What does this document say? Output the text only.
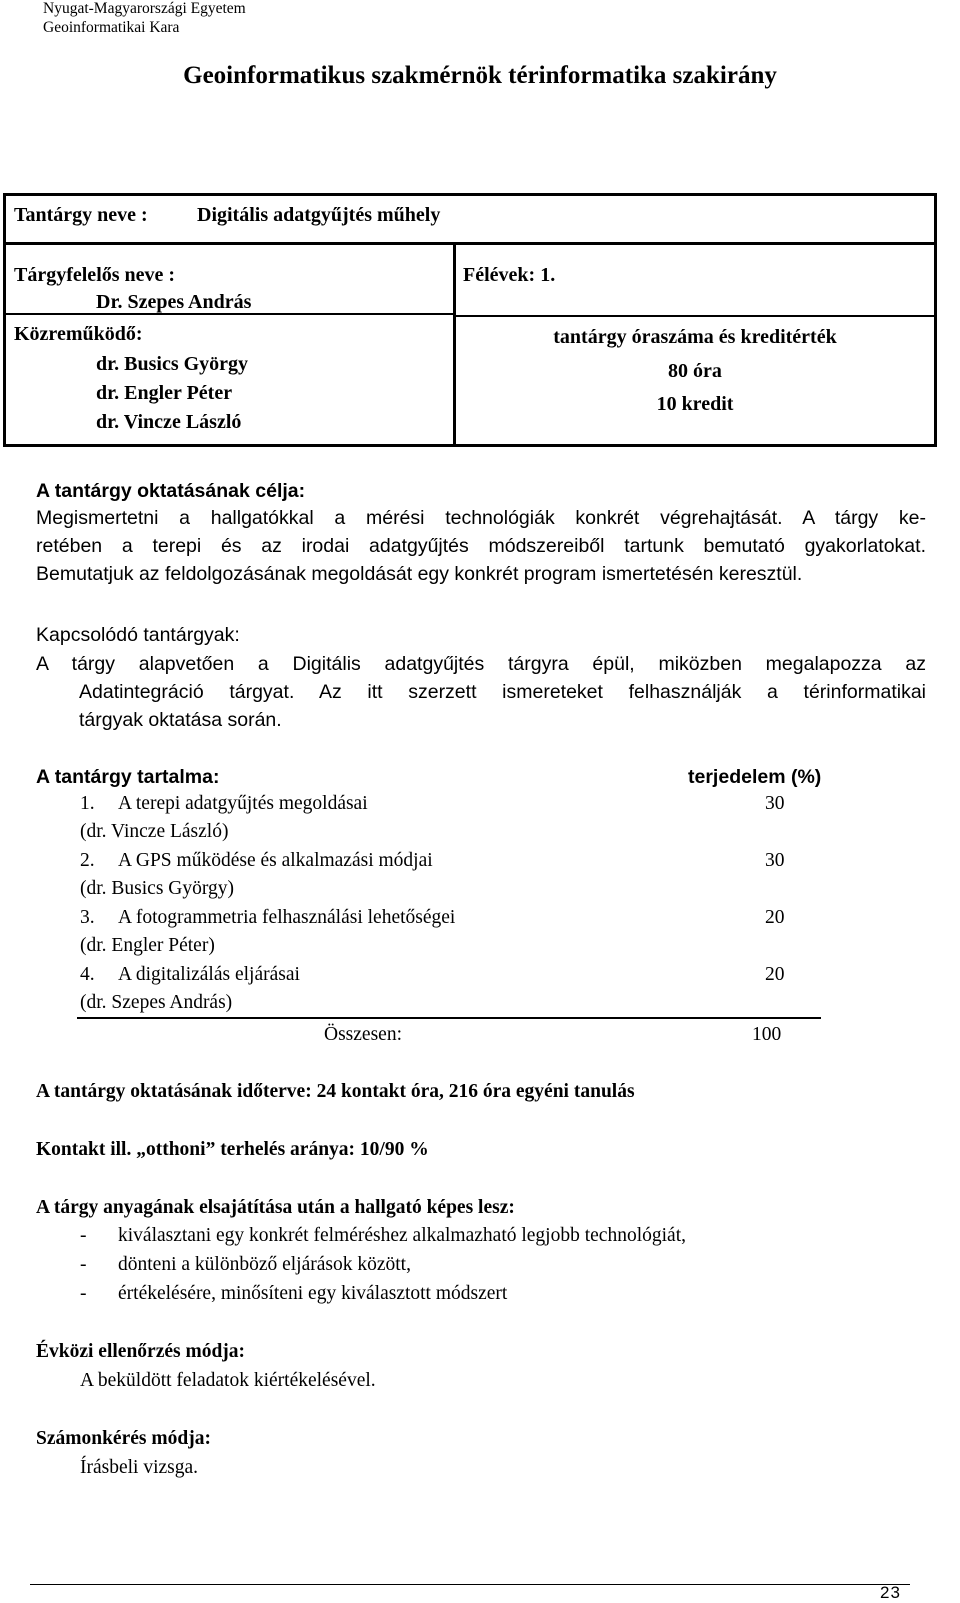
Nyugat-Magyarországi Egyetem
Geoinformatikai Kara
Geoinformatikus szakmérnök térinformatika szakirány
Tantárgy neve : Digitális adatgyűjtés műhely
Tárgyfelelős neve :
Dr. Szepes András
Félévek: 1.
Közreműködő:
dr. Busics György
dr. Engler Péter
dr. Vincze László
tantárgy óraszáma és kreditérték
80 óra
10 kredit
A tantárgy oktatásának célja:
Megismertetni a hallgatókkal a mérési technológiák konkrét végrehajtását. A tárgy ke-
retében a terepi és az irodai adatgyűjtés módszereiből tartunk bemutató gyakorlatokat.
Bemutatjuk az feldolgozásának megoldását egy konkrét program ismertetésén keresztül.
Kapcsolódó tantárgyak:
A tárgy alapvetően a Digitális adatgyűjtés tárgyra épül, miközben megalapozza az
Adatintegráció tárgyat. Az itt szerzett ismereteket felhasználják a térinformatikai
tárgyak oktatása során.
A tantárgy tartalma:	terjedelem (%)
1. A terepi adatgyűjtés megoldásai	30
(dr. Vincze László)
2. A GPS működése és alkalmazási módjai	30
(dr. Busics György)
3. A fotogrammetria felhasználási lehetőségei	20
(dr. Engler Péter)
4. A digitalizálás eljárásai	20
(dr. Szepes András)
Összesen:	100
A tantárgy oktatásának időterve: 24 kontakt óra, 216 óra egyéni tanulás
Kontakt ill. „otthoni” terhelés aránya: 10/90 %
A tárgy anyagának elsajátítása után a hallgató képes lesz:
- kiválasztani egy konkrét felméréshez alkalmazható legjobb technológiát,
- dönteni a különböző eljárások között,
- értékelésére, minősíteni egy kiválasztott módszert
Évközi ellenőrzés módja:
A beküldött feladatok kiértékelésével.
Számonkérés módja:
Írásbeli vizsga.
23
